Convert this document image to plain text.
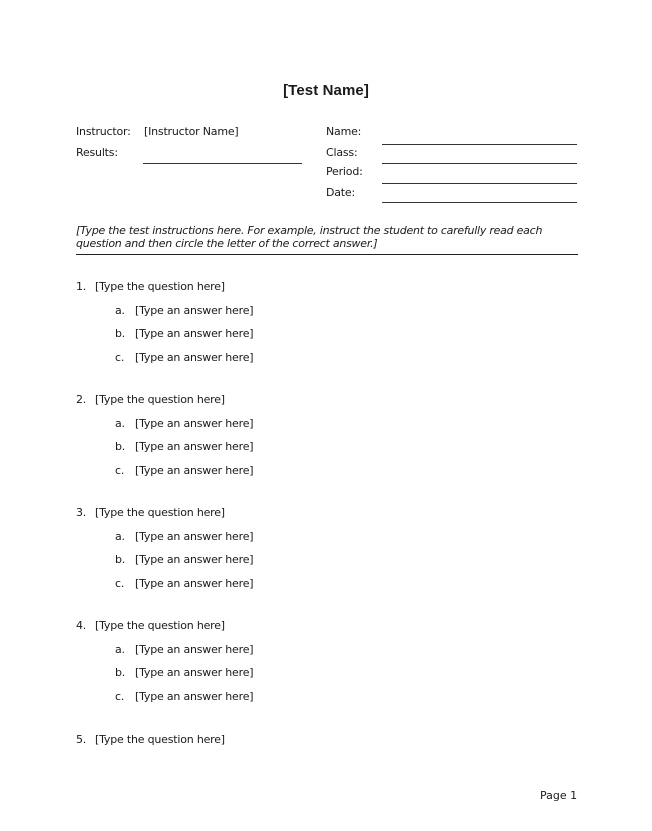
[Test Name]
Instructor: [Instructor Name]
Results:
Name:
Class:
Period:
Date:
[Type the test instructions here. For example, instruct the student to carefully read each question and then circle the letter of the correct answer.]
1. [Type the question here]
a. [Type an answer here]
b. [Type an answer here]
c. [Type an answer here]
2. [Type the question here]
a. [Type an answer here]
b. [Type an answer here]
c. [Type an answer here]
3. [Type the question here]
a. [Type an answer here]
b. [Type an answer here]
c. [Type an answer here]
4. [Type the question here]
a. [Type an answer here]
b. [Type an answer here]
c. [Type an answer here]
5. [Type the question here]
Page 1
